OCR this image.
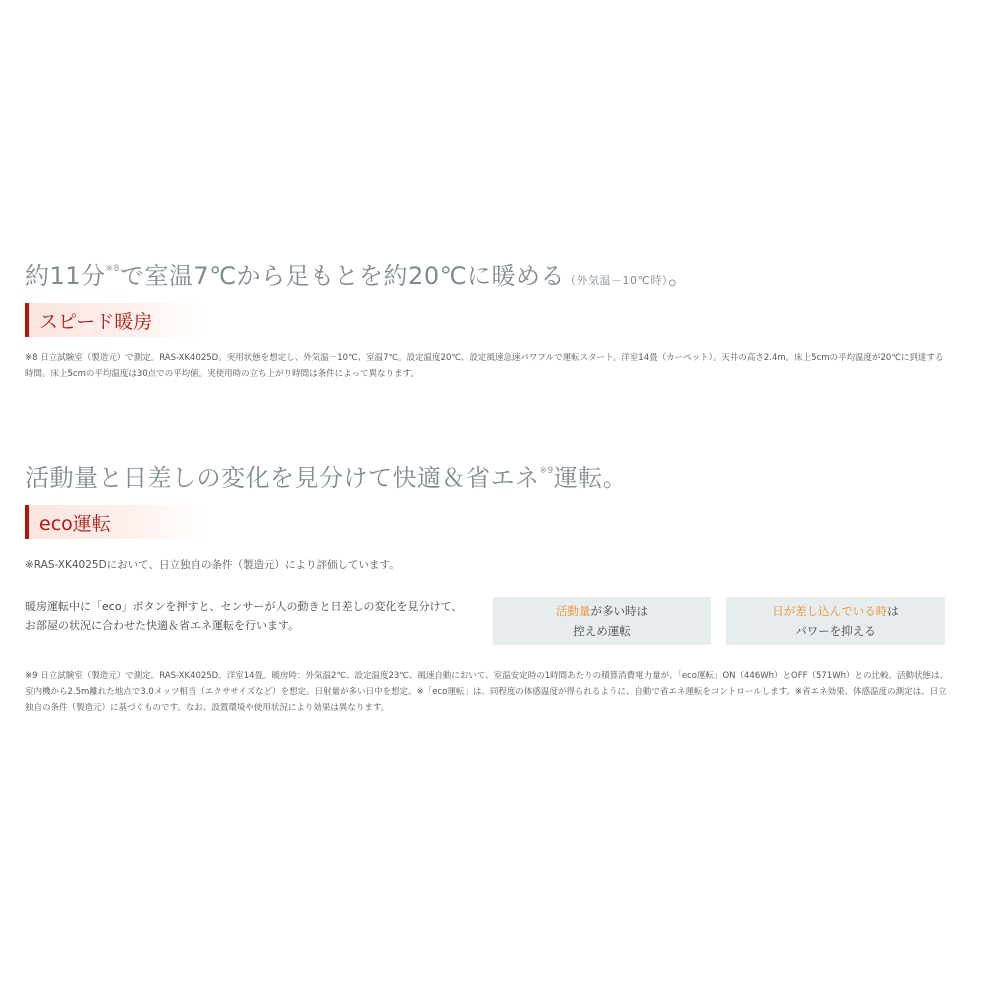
約11分$^{※8}$で室温7℃から足もとを約20℃に暖める（外気温－10℃時）。
スピード暖房

※8 日立試験室（製造元）で測定。RAS-XK4025D。実用状態を想定し、外気温－10℃、室温7℃。設定温度20℃、設定風速急速パワフルで運転スタート。洋室14畳（カーペット）。天井の高さ2.4m。床上5cmの平均温度が20℃に到達する時間。床上5cmの平均温度は30点での平均値。実使用時の立ち上がり時間は条件によって異なります。

活動量と日差しの変化を見分けて快適＆省エネ$^{※9}$運転。
eco運転

※RAS-XK4025Dにおいて、日立独自の条件（製造元）により評価しています。

暖房運転中に「eco」ボタンを押すと、センサーが人の動きと日差しの変化を見分けて、お部屋の状況に合わせた快適＆省エネ運転を行います。

活動量が多い時は
控えめ運転
日が差し込んでいる時は
パワーを抑える

※9 日立試験室（製造元）で測定。RAS-XK4025D。洋室14畳。暖房時：外気温2℃、設定温度23℃、風速自動において、室温安定時の1時間あたりの積算消費電力量が、「eco運転」ON（446Wh）とOFF（571Wh）との比較。活動状態は、室内機から2.5m離れた地点で3.0メッツ相当（エクササイズなど）を想定。日射量が多い日中を想定。※「eco運転」は、同程度の体感温度が得られるように、自動で省エネ運転をコントロールします。※省エネ効果、体感温度の測定は、日立独自の条件（製造元）に基づくものです。なお、設置環境や使用状況により効果は異なります。
